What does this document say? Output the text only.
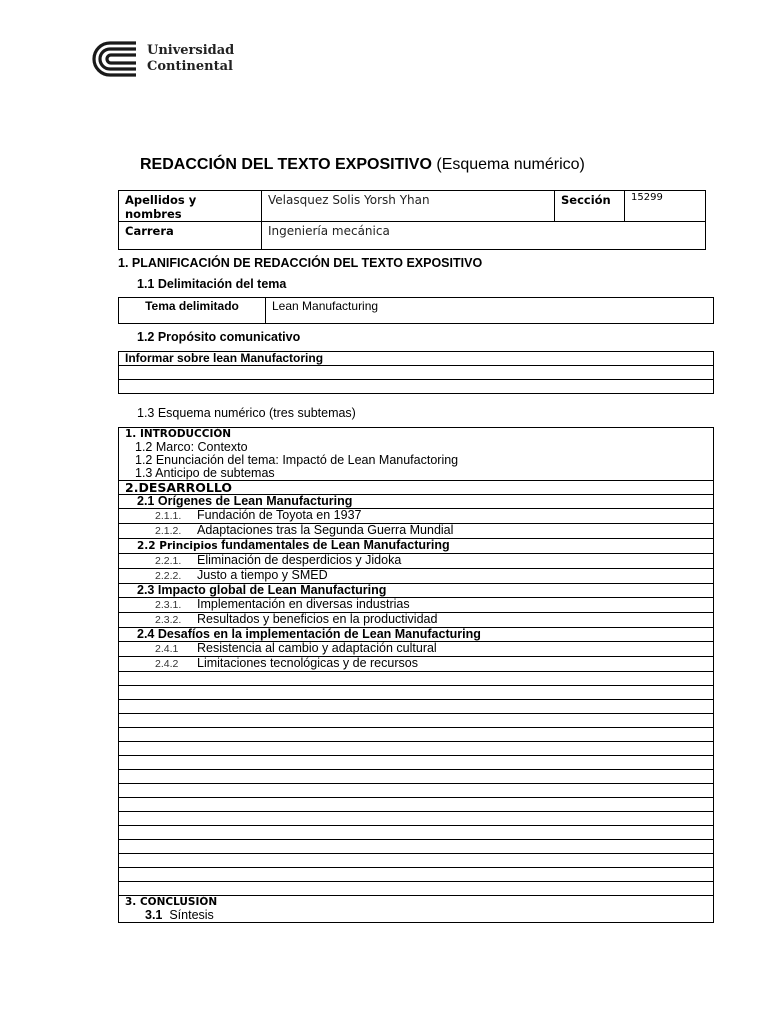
Universidad
Continental
REDACCIÓN DEL TEXTO EXPOSITIVO (Esquema numérico)
Apellidos y nombres	Velasquez Solis Yorsh Yhan	Sección	15299
Carrera	Ingeniería mecánica		
1. PLANIFICACIÓN DE REDACCIÓN DEL TEXTO EXPOSITIVO
1.1 Delimitación del tema
Tema delimitado	Lean Manufacturing
1.2 Propósito comunicativo
Informar sobre lean Manufactoring

1.3 Esquema numérico (tres subtemas)
1. INTRODUCCIÓN
1.2 Marco: Contexto
1.2 Enunciación del tema: Impactó de Lean Manufactoring
1.3 Anticipo de subtemas

2.DESARROLLO
2.1 Orígenes de Lean Manufacturing
2.1.1. Fundación de Toyota en 1937
2.1.2. Adaptaciones tras la Segunda Guerra Mundial
2.2 Principios fundamentales de Lean Manufacturing
2.2.1. Eliminación de desperdicios y Jidoka
2.2.2. Justo a tiempo y SMED
2.3 Impacto global de Lean Manufacturing
2.3.1. Implementación en diversas industrias
2.3.2. Resultados y beneficios en la productividad
2.4 Desafíos en la implementación de Lean Manufacturing
2.4.1 Resistencia al cambio y adaptación cultural
2.4.2 Limitaciones tecnológicas y de recursos

3. CONCLUSIÓN
3.1 Síntesis
